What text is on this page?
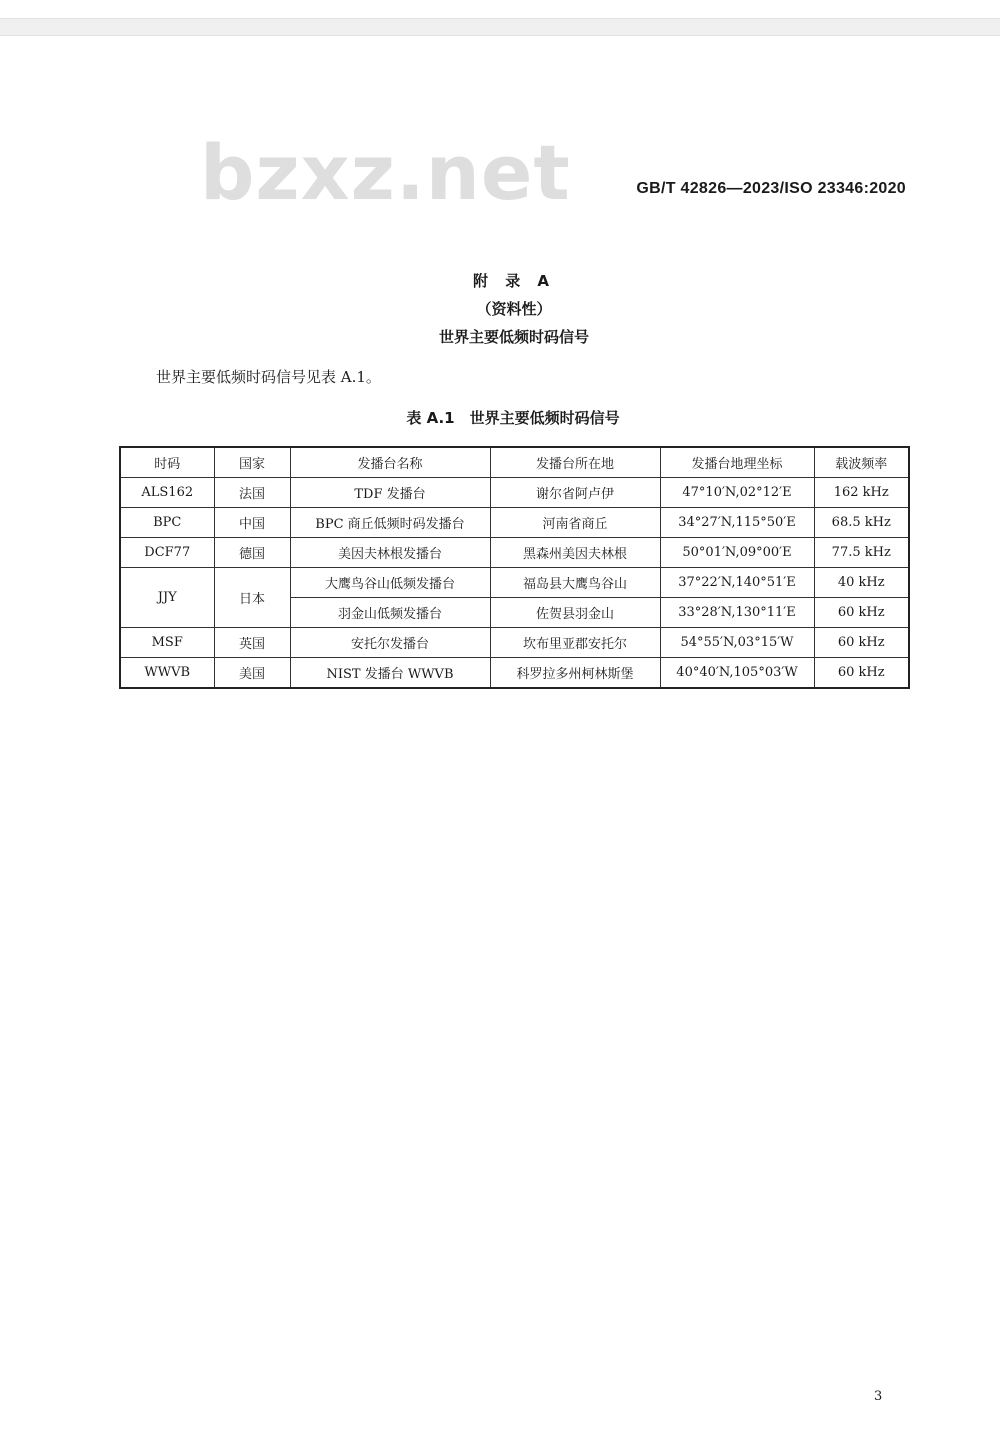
bzxz.net	GB/T 42826—2023/ISO 23346:2020
附 录 A
（资料性）
世界主要低频时码信号
世界主要低频时码信号见表 A.1。
表 A.1　世界主要低频时码信号
时码	国家	发播台名称	发播台所在地	发播台地理坐标	载波频率
ALS162	法国	TDF 发播台	谢尔省阿卢伊	47°10′N,02°12′E	162 kHz
BPC	中国	BPC 商丘低频时码发播台	河南省商丘	34°27′N,115°50′E	68.5 kHz
DCF77	德国	美因夫林根发播台	黑森州美因夫林根	50°01′N,09°00′E	77.5 kHz
JJY	日本	大鹰鸟谷山低频发播台	福岛县大鹰鸟谷山	37°22′N,140°51′E	40 kHz
		羽金山低频发播台	佐贺县羽金山	33°28′N,130°11′E	60 kHz
MSF	英国	安托尔发播台	坎布里亚郡安托尔	54°55′N,03°15′W	60 kHz
WWVB	美国	NIST 发播台 WWVB	科罗拉多州柯林斯堡	40°40′N,105°03′W	60 kHz
3
